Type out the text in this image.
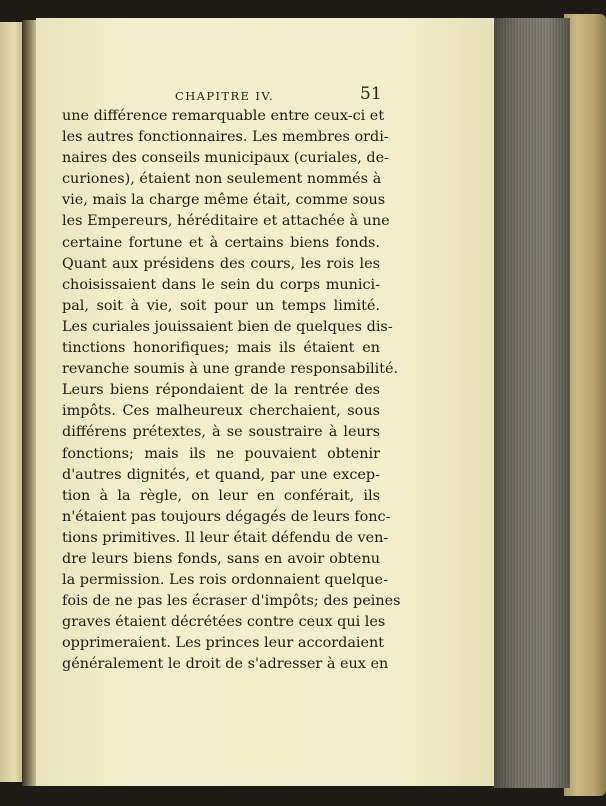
CHAPITRE IV.	51
une différence remarquable entre ceux-ci et
les autres fonctionnaires. Les membres ordi-
naires des conseils municipaux (curiales, de-
curiones), étaient non seulement nommés à
vie, mais la charge même était, comme sous
les Empereurs, héréditaire et attachée à une
certaine fortune et à certains biens fonds.
Quant aux présidens des cours, les rois les
choisissaient dans le sein du corps munici-
pal, soit à vie, soit pour un temps limité.
Les curiales jouissaient bien de quelques dis-
tinctions honorifiques; mais ils étaient en
revanche soumis à une grande responsabilité.
Leurs biens répondaient de la rentrée des
impôts. Ces malheureux cherchaient, sous
différens prétextes, à se soustraire à leurs
fonctions; mais ils ne pouvaient obtenir
d'autres dignités, et quand, par une excep-
tion à la règle, on leur en conférait, ils
n'étaient pas toujours dégagés de leurs fonc-
tions primitives. Il leur était défendu de ven-
dre leurs biens fonds, sans en avoir obtenu
la permission. Les rois ordonnaient quelque-
fois de ne pas les écraser d'impôts; des peines
graves étaient décrétées contre ceux qui les
opprimeraient. Les princes leur accordaient
généralement le droit de s'adresser à eux en
